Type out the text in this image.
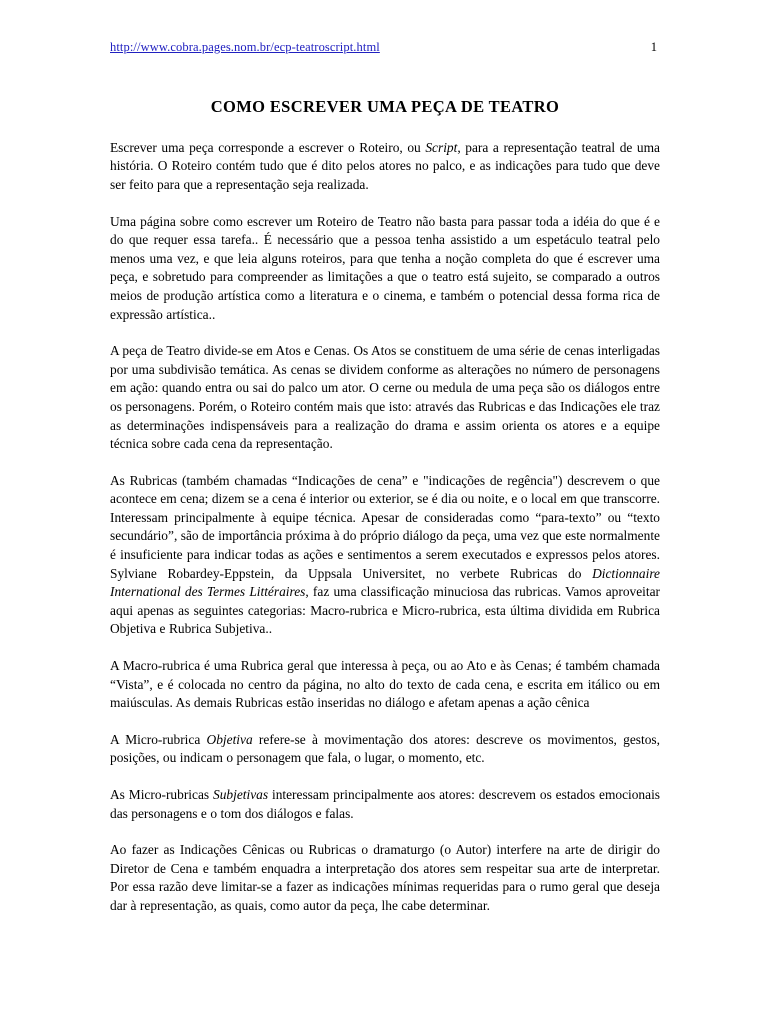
http://www.cobra.pages.nom.br/ecp-teatroscript.html	1
COMO ESCREVER UMA PEÇA DE TEATRO

Escrever uma peça corresponde a escrever o Roteiro, ou Script, para a representação teatral de uma história. O Roteiro contém tudo que é dito pelos atores no palco, e as indicações para tudo que deve ser feito para que a representação seja realizada.

Uma página sobre como escrever um Roteiro de Teatro não basta para passar toda a idéia do que é e do que requer essa tarefa.. É necessário que a pessoa tenha assistido a um espetáculo teatral pelo menos uma vez, e que leia alguns roteiros, para que tenha a noção completa do que é escrever uma peça, e sobretudo para compreender as limitações a que o teatro está sujeito, se comparado a outros meios de produção artística como a literatura e o cinema, e também o potencial dessa forma rica de expressão artística..

A peça de Teatro divide-se em Atos e Cenas. Os Atos se constituem de uma série de cenas interligadas por uma subdivisão temática. As cenas se dividem conforme as alterações no número de personagens em ação: quando entra ou sai do palco um ator. O cerne ou medula de uma peça são os diálogos entre os personagens. Porém, o Roteiro contém mais que isto: através das Rubricas e das Indicações ele traz as determinações indispensáveis para a realização do drama e assim orienta os atores e a equipe técnica sobre cada cena da representação.

As Rubricas (também chamadas “Indicações de cena” e "indicações de regência") descrevem o que acontece em cena; dizem se a cena é interior ou exterior, se é dia ou noite, e o local em que transcorre. Interessam principalmente à equipe técnica. Apesar de consideradas como “para-texto” ou “texto secundário”, são de importância próxima à do próprio diálogo da peça, uma vez que este normalmente é insuficiente para indicar todas as ações e sentimentos a serem executados e expressos pelos atores. Sylviane Robardey-Eppstein, da Uppsala Universitet, no verbete Rubricas do Dictionnaire International des Termes Littéraires, faz uma classificação minuciosa das rubricas. Vamos aproveitar aqui apenas as seguintes categorias: Macro-rubrica e Micro-rubrica, esta última dividida em Rubrica Objetiva e Rubrica Subjetiva..

A Macro-rubrica é uma Rubrica geral que interessa à peça, ou ao Ato e às Cenas; é também chamada “Vista”, e é colocada no centro da página, no alto do texto de cada cena, e escrita em itálico ou em maiúsculas. As demais Rubricas estão inseridas no diálogo e afetam apenas a ação cênica

A Micro-rubrica Objetiva refere-se à movimentação dos atores: descreve os movimentos, gestos, posições, ou indicam o personagem que fala, o lugar, o momento, etc.

As Micro-rubricas Subjetivas interessam principalmente aos atores: descrevem os estados emocionais das personagens e o tom dos diálogos e falas.

Ao fazer as Indicações Cênicas ou Rubricas o dramaturgo (o Autor) interfere na arte de dirigir do Diretor de Cena e também enquadra a interpretação dos atores sem respeitar sua arte de interpretar. Por essa razão deve limitar-se a fazer as indicações mínimas requeridas para o rumo geral que deseja dar à representação, as quais, como autor da peça, lhe cabe determinar.
